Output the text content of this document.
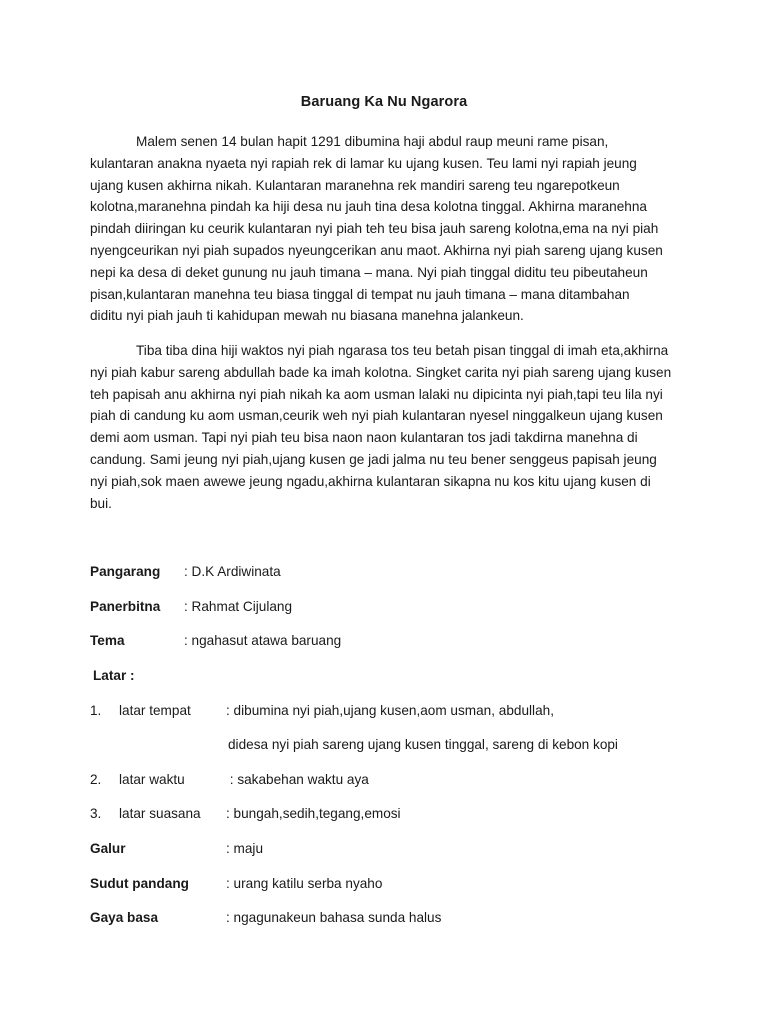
Baruang Ka Nu Ngarora

Malem senen 14 bulan hapit 1291 dibumina haji abdul raup meuni rame pisan,
kulantaran anakna nyaeta nyi rapiah rek di lamar ku ujang kusen. Teu lami nyi rapiah jeung
ujang kusen akhirna nikah. Kulantaran maranehna rek mandiri sareng teu ngarepotkeun
kolotna,maranehna pindah ka hiji desa nu jauh tina desa kolotna tinggal. Akhirna maranehna
pindah diiringan ku ceurik kulantaran nyi piah teh teu bisa jauh sareng kolotna,ema na nyi piah
nyengceurikan nyi piah supados nyeungcerikan anu maot. Akhirna nyi piah sareng ujang kusen
nepi ka desa di deket gunung nu jauh timana – mana. Nyi piah tinggal diditu teu pibeutaheun
pisan,kulantaran manehna teu biasa tinggal di tempat nu jauh timana – mana ditambahan
diditu nyi piah jauh ti kahidupan mewah nu biasana manehna jalankeun.

Tiba tiba dina hiji waktos nyi piah ngarasa tos teu betah pisan tinggal di imah eta,akhirna
nyi piah kabur sareng abdullah bade ka imah kolotna. Singket carita nyi piah sareng ujang kusen
teh papisah anu akhirna nyi piah nikah ka aom usman lalaki nu dipicinta nyi piah,tapi teu lila nyi
piah di candung ku aom usman,ceurik weh nyi piah kulantaran nyesel ninggalkeun ujang kusen
demi aom usman. Tapi nyi piah teu bisa naon naon kulantaran tos jadi takdirna manehna di
candung. Sami jeung nyi piah,ujang kusen ge jadi jalma nu teu bener senggeus papisah jeung
nyi piah,sok maen awewe jeung ngadu,akhirna kulantaran sikapna nu kos kitu ujang kusen di
bui.

Pangarang : D.K Ardiwinata
Panerbitna : Rahmat Cijulang
Tema	: ngahasut atawa baruang
Latar :
1. latar tempat	: dibumina nyi piah,ujang kusen,aom usman, abdullah,
didesa nyi piah sareng ujang kusen tinggal, sareng di kebon kopi
2. latar waktu	: sakabehan waktu aya
3. latar suasana : bungah,sedih,tegang,emosi
Galur	: maju
Sudut pandang	: urang katilu serba nyaho
Gaya basa	: ngagunakeun bahasa sunda halus
